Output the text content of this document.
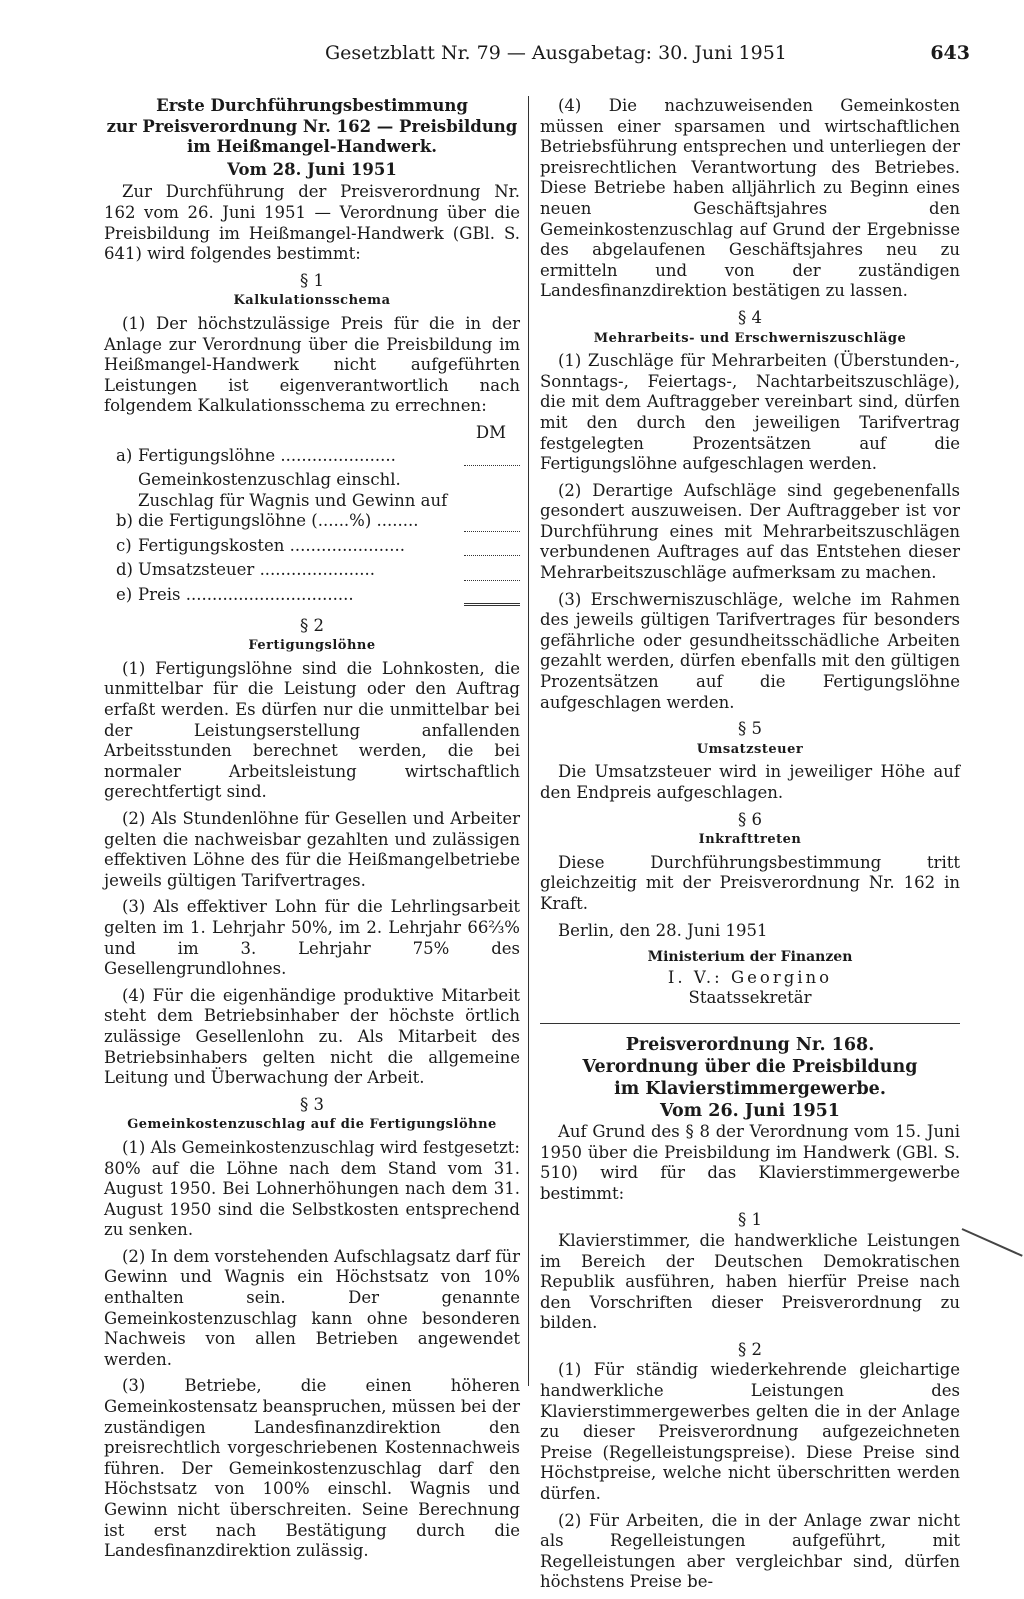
Gesetzblatt Nr. 79 — Ausgabetag: 30. Juni 1951	643

Erste Durchführungsbestimmung

zur Preisverordnung Nr. 162 — Preisbildung

im Heißmangel-Handwerk.

Vom 28. Juni 1951

Zur Durchführung der Preisverordnung Nr. 162 vom 26. Juni 1951 — Verordnung über die Preisbildung im Heißmangel-Handwerk (GBl. S. 641) wird folgendes bestimmt:

§ 1

Kalkulationsschema

(1) Der höchstzulässige Preis für die in der Anlage zur Verordnung über die Preisbildung im Heißmangel-Handwerk nicht aufgeführten Leistungen ist eigenverantwortlich nach folgendem Kalkulationsschema zu errechnen:

DM

a) Fertigungslöhne ......................
b)
Gemeinkostenzuschlag einschl. Zuschlag für Wagnis und Gewinn auf die Fertigungslöhne (......%) ........
c) Fertigungskosten ......................
d) Umsatzsteuer ......................
e) Preis ................................

§ 2

Fertigungslöhne

(1) Fertigungslöhne sind die Lohnkosten, die unmittelbar für die Leistung oder den Auftrag erfaßt werden. Es dürfen nur die unmittelbar bei der Leistungserstellung anfallenden Arbeitsstunden berechnet werden, die bei normaler Arbeitsleistung wirtschaftlich gerechtfertigt sind.

(2) Als Stundenlöhne für Gesellen und Arbeiter gelten die nachweisbar gezahlten und zulässigen effektiven Löhne des für die Heißmangelbetriebe jeweils gültigen Tarifvertrages.

(3) Als effektiver Lohn für die Lehrlingsarbeit gelten im 1. Lehrjahr 50%, im 2. Lehrjahr 66⅔% und im 3. Lehrjahr 75% des Gesellengrundlohnes.

(4) Für die eigenhändige produktive Mitarbeit steht dem Betriebsinhaber der höchste örtlich zulässige Gesellenlohn zu. Als Mitarbeit des Betriebsinhabers gelten nicht die allgemeine Leitung und Überwachung der Arbeit.

§ 3

Gemeinkostenzuschlag auf die Fertigungslöhne

(1) Als Gemeinkostenzuschlag wird festgesetzt: 80% auf die Löhne nach dem Stand vom 31. August 1950. Bei Lohnerhöhungen nach dem 31. August 1950 sind die Selbstkosten entsprechend zu senken.

(2) In dem vorstehenden Aufschlagsatz darf für Gewinn und Wagnis ein Höchstsatz von 10% enthalten sein. Der genannte Gemeinkostenzuschlag kann ohne besonderen Nachweis von allen Betrieben angewendet werden.

(3) Betriebe, die einen höheren Gemeinkostensatz beanspruchen, müssen bei der zuständigen Landesfinanzdirektion den preisrechtlich vorgeschriebenen Kostennachweis führen. Der Gemeinkostenzuschlag darf den Höchstsatz von 100% einschl. Wagnis und Gewinn nicht überschreiten. Seine Berechnung ist erst nach Bestätigung durch die Landesfinanzdirektion zulässig.

(4) Die nachzuweisenden Gemeinkosten müssen einer sparsamen und wirtschaftlichen Betriebsführung entsprechen und unterliegen der preisrechtlichen Verantwortung des Betriebes. Diese Betriebe haben alljährlich zu Beginn eines neuen Geschäftsjahres den Gemeinkostenzuschlag auf Grund der Ergebnisse des abgelaufenen Geschäftsjahres neu zu ermitteln und von der zuständigen Landesfinanzdirektion bestätigen zu lassen.

§ 4

Mehrarbeits- und Erschwerniszuschläge

(1) Zuschläge für Mehrarbeiten (Überstunden-, Sonntags-, Feiertags-, Nachtarbeitszuschläge), die mit dem Auftraggeber vereinbart sind, dürfen mit den durch den jeweiligen Tarifvertrag festgelegten Prozentsätzen auf die Fertigungslöhne aufgeschlagen werden.

(2) Derartige Aufschläge sind gegebenenfalls gesondert auszuweisen. Der Auftraggeber ist vor Durchführung eines mit Mehrarbeitszuschlägen verbundenen Auftrages auf das Entstehen dieser Mehrarbeitszuschläge aufmerksam zu machen.

(3) Erschwerniszuschläge, welche im Rahmen des jeweils gültigen Tarifvertrages für besonders gefährliche oder gesundheitsschädliche Arbeiten gezahlt werden, dürfen ebenfalls mit den gültigen Prozentsätzen auf die Fertigungslöhne aufgeschlagen werden.

§ 5

Umsatzsteuer

Die Umsatzsteuer wird in jeweiliger Höhe auf den Endpreis aufgeschlagen.

§ 6

Inkrafttreten

Diese Durchführungsbestimmung tritt gleichzeitig mit der Preisverordnung Nr. 162 in Kraft.

Berlin, den 28. Juni 1951

Ministerium der Finanzen

I. V.: Georgino

Staatssekretär

Preisverordnung Nr. 168.

Verordnung über die Preisbildung

im Klavierstimmergewerbe.

Vom 26. Juni 1951

Auf Grund des § 8 der Verordnung vom 15. Juni 1950 über die Preisbildung im Handwerk (GBl. S. 510) wird für das Klavierstimmergewerbe bestimmt:

§ 1

Klavierstimmer, die handwerkliche Leistungen im Bereich der Deutschen Demokratischen Republik ausführen, haben hierfür Preise nach den Vorschriften dieser Preisverordnung zu bilden.

§ 2

(1) Für ständig wiederkehrende gleichartige handwerkliche Leistungen des Klavierstimmergewerbes gelten die in der Anlage zu dieser Preisverordnung aufgezeichneten Preise (Regelleistungspreise). Diese Preise sind Höchstpreise, welche nicht überschritten werden dürfen.

(2) Für Arbeiten, die in der Anlage zwar nicht als Regelleistungen aufgeführt, mit Regelleistungen aber vergleichbar sind, dürfen höchstens Preise be-
